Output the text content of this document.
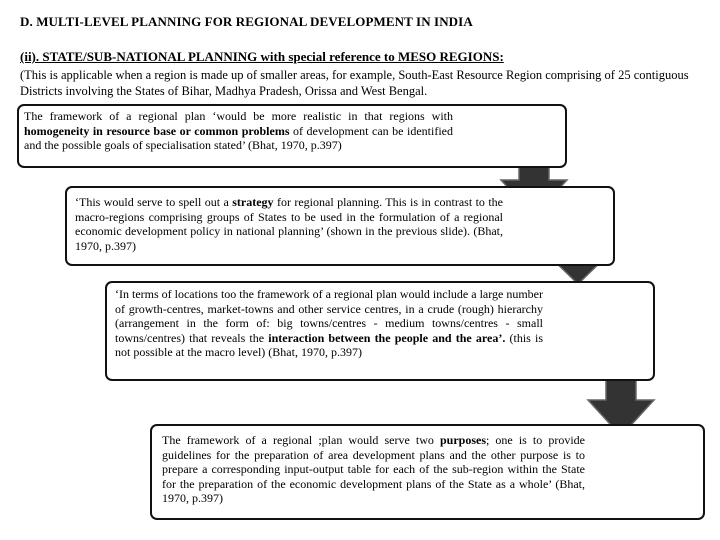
D. MULTI-LEVEL PLANNING FOR REGIONAL DEVELOPMENT IN INDIA
(ii). STATE/SUB-NATIONAL PLANNING with special reference to MESO REGIONS:
(This is applicable when a region is made up of smaller areas, for example, South-East Resource Region comprising of 25 contiguous Districts involving the States of Bihar, Madhya Pradesh, Orissa and West Bengal.
The framework of a regional plan ‘would be more realistic in that regions with homogeneity in resource base or common problems of development can be identified and the possible goals of specialisation stated’ (Bhat, 1970, p.397)
‘This would serve to spell out a strategy for regional planning. This is in contrast to the macro-regions comprising groups of States to be used in the formulation of a regional economic development policy in national planning’ (shown in the previous slide). (Bhat, 1970, p.397)
‘In terms of locations too the framework of a regional plan would include a large number of growth-centres, market-towns and other service centres, in a crude (rough) hierarchy (arrangement in the form of: big towns/centres - medium towns/centres - small towns/centres) that reveals the interaction between the people and the area’. (this is not possible at the macro level) (Bhat, 1970, p.397)
The framework of a regional ;plan would serve two purposes; one is to provide guidelines for the preparation of area development plans and the other purpose is to prepare a corresponding input-output table for each of the sub-region within the State for the preparation of the economic development plans of the State as a whole’ (Bhat, 1970, p.397)
